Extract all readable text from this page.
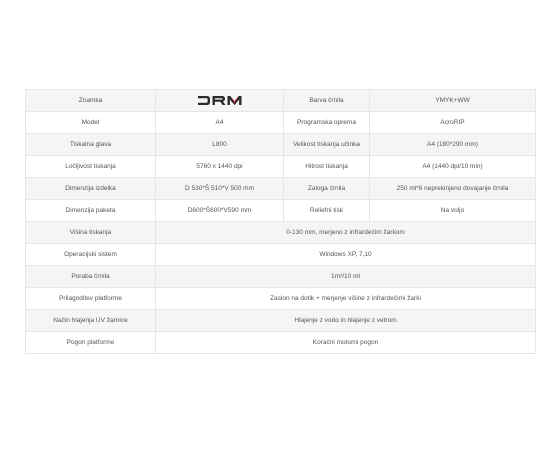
Znamka		Barva črnila	YMYK+WW
Model	A4	Programska oprema	AcroRIP
Tiskalna glava	L800	Velikost tiskanja učinka	A4 (180*290 mm)
Ločljivost tiskanja	5760 x 1440 dpi	Hitrost tiskanja	A4 (1440 dpi/10 min)
Dimenzija izdelka	D 530*Š 510*V 500 mm	Zaloga črnila	250 ml*6 neprekinjeno dovajanje črnila
Dimenzija paketa	D600*Š600*V590 mm	Reliefni tisk	Na voljo
Višina tiskanja	0-130 mm, merjeno z infrardečim žarkom		
Operacijski sistem	Windows XP, 7,10		
Poraba črnila	1m²/10 ml		
Prilagoditev platforme	Zaslon na dotik + merjenje višine z infrardečimi žarki		
Način hlajenja UV žarnice	Hlajenje z vodo in hlajenje z vetrom		
Pogon platforme	Koračni motorni pogon		
